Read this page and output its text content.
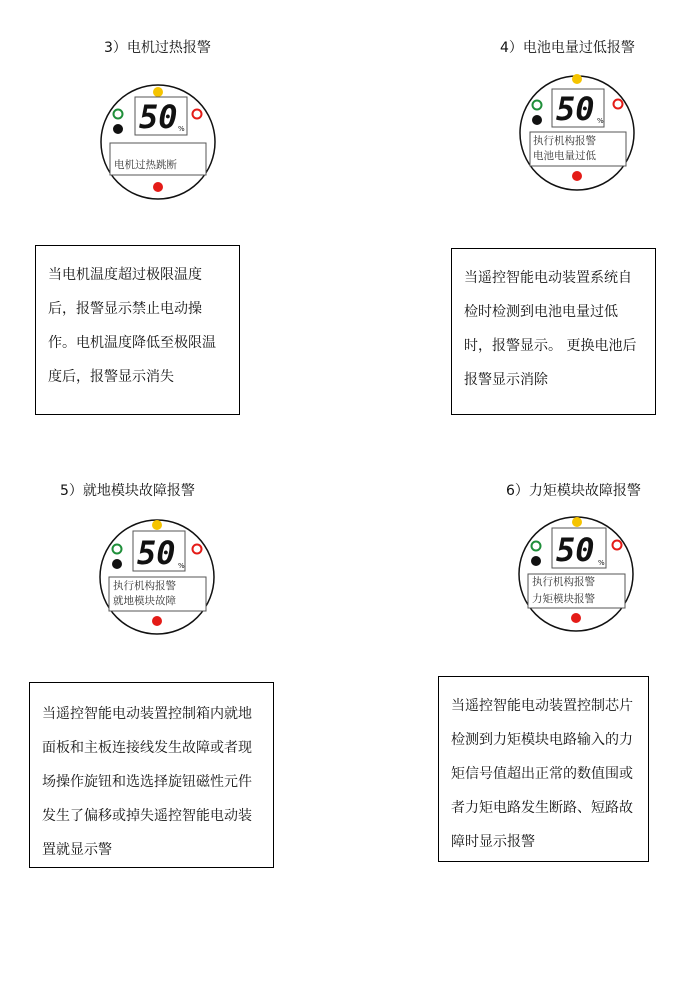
3）电机过热报警
50 %
电机过热跳断

当电机温度超过极限温度后，报警显示禁止电动操作。电机温度降低至极限温度后，报警显示消失

4）电池电量过低报警
50 %
执行机构报警
电池电量过低

当遥控智能电动装置系统自检时检测到电池电量过低时，报警显示。 更换电池后报警显示消除

5）就地模块故障报警
50 %
执行机构报警
就地模块故障

当遥控智能电动装置控制箱内就地面板和主板连接线发生故障或者现场操作旋钮和选选择旋钮磁性元件发生了偏移或掉失遥控智能电动装置就显示警

6）力矩模块故障报警
50 %
执行机构报警
力矩模块报警

当遥控智能电动装置控制芯片检测到力矩模块电路输入的力矩信号值超出正常的数值围或者力矩电路发生断路、短路故障时显示报警
